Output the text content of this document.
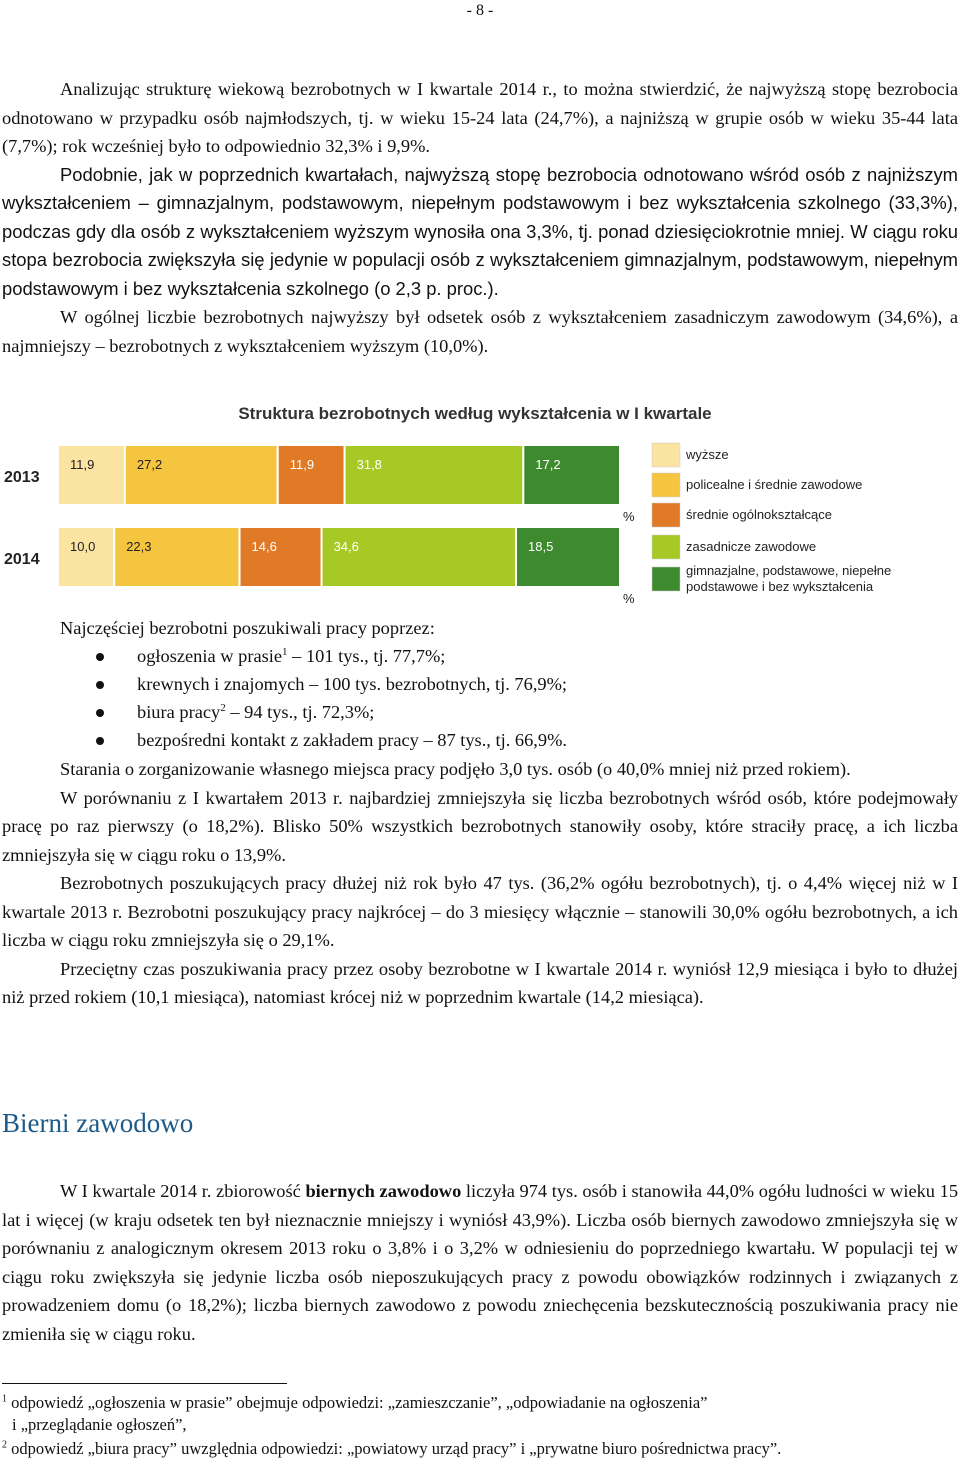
- 8 -

Analizując strukturę wiekową bezrobotnych w I kwartale 2014 r., to można stwierdzić, że najwyższą stopę bezrobocia odnotowano w przypadku osób najmłodszych, tj. w wieku 15-24 lata (24,7%), a najniższą w grupie osób w wieku 35-44 lata (7,7%); rok wcześniej było to odpowiednio 32,3% i 9,9%.

Podobnie, jak w poprzednich kwartałach, najwyższą stopę bezrobocia odnotowano wśród osób z najniższym wykształceniem – gimnazjalnym, podstawowym, niepełnym podstawowym i bez wykształcenia szkolnego (33,3%), podczas gdy dla osób z wykształceniem wyższym wynosiła ona 3,3%, tj. ponad dziesięciokrotnie mniej. W ciągu roku stopa bezrobocia zwiększyła się jedynie w populacji osób z wykształceniem gimnazjalnym, podstawowym, niepełnym podstawowym i bez wykształcenia szkolnego (o 2,3 p. proc.).

W ogólnej liczbie bezrobotnych najwyższy był odsetek osób z wykształceniem zasadniczym zawodowym (34,6%), a najmniejszy – bezrobotnych z wykształceniem wyższym (10,0%).

Struktura bezrobotnych według wykształcenia w I kwartale
2013
11,9	27,2	11,9	31,8	17,2
%
2014
10,0 22,3	14,6	34,6	18,5
%
wyższe
policealne i średnie zawodowe
średnie ogólnokształcące
zasadnicze zawodowe
gimnazjalne, podstawowe, niepełne podstawowe i bez wykształcenia
Najczęściej bezrobotni poszukiwali pracy poprzez:
ogłoszenia w prasie$^1$ – 101 tys., tj. 77,7%;
krewnych i znajomych – 100 tys. bezrobotnych, tj. 76,9%;
biura pracy$^2$ – 94 tys., tj. 72,3%;
bezpośredni kontakt z zakładem pracy – 87 tys., tj. 66,9%.

Starania o zorganizowanie własnego miejsca pracy podjęło 3,0 tys. osób (o 40,0% mniej niż przed rokiem).

W porównaniu z I kwartałem 2013 r. najbardziej zmniejszyła się liczba bezrobotnych wśród osób, które podejmowały pracę po raz pierwszy (o 18,2%). Blisko 50% wszystkich bezrobotnych stanowiły osoby, które straciły pracę, a ich liczba zmniejszyła się w ciągu roku o 13,9%.

Bezrobotnych poszukujących pracy dłużej niż rok było 47 tys. (36,2% ogółu bezrobotnych), tj. o 4,4% więcej niż w I kwartale 2013 r. Bezrobotni poszukujący pracy najkrócej – do 3 miesięcy włącznie – stanowili 30,0% ogółu bezrobotnych, a ich liczba w ciągu roku zmniejszyła się o 29,1%.

Przeciętny czas poszukiwania pracy przez osoby bezrobotne w I kwartale 2014 r. wyniósł 12,9 miesiąca i było to dłużej niż przed rokiem (10,1 miesiąca), natomiast krócej niż w poprzednim kwartale (14,2 miesiąca).

Bierni zawodowo

W I kwartale 2014 r. zbiorowość biernych zawodowo liczyła 974 tys. osób i stanowiła 44,0% ogółu ludności w wieku 15 lat i więcej (w kraju odsetek ten był nieznacznie mniejszy i wyniósł 43,9%). Liczba osób biernych zawodowo zmniejszyła się w porównaniu z analogicznym okresem 2013 roku o 3,8% i o 3,2% w odniesieniu do poprzedniego kwartału. W populacji tej w ciągu roku zwiększyła się jedynie liczba osób nieposzukujących pracy z powodu obowiązków rodzinnych i związanych z prowadzeniem domu (o 18,2%); liczba biernych zawodowo z powodu zniechęcenia bezskutecznością poszukiwania pracy nie zmieniła się w ciągu roku.

$^1$ odpowiedź „ogłoszenia w prasie” obejmuje odpowiedzi: „zamieszczanie”, „odpowiadanie na ogłoszenia”
i „przeglądanie ogłoszeń”,
$^2$ odpowiedź „biura pracy” uwzględnia odpowiedzi: „powiatowy urząd pracy” i „prywatne biuro pośrednictwa pracy”.
